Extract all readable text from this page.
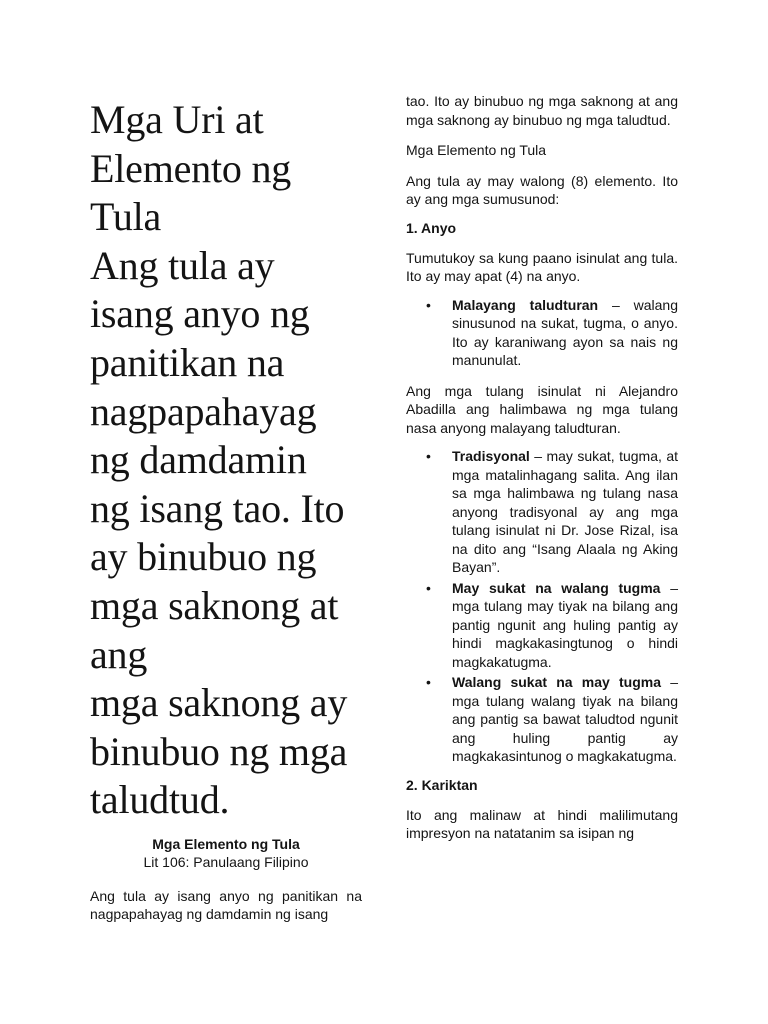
Mga Uri at
Elemento ng
Tula
Ang tula ay
isang anyo ng
panitikan na
nagpapahayag
ng damdamin
ng isang tao. Ito
ay binubuo ng
mga saknong at
ang
mga saknong ay
binubuo ng mga
taludtud.

Mga Elemento ng Tula

Lit 106: Panulaang Filipino

Ang tula ay isang anyo ng panitikan na nagpapahayag ng damdamin ng isang

tao. Ito ay binubuo ng mga saknong at ang mga saknong ay binubuo ng mga taludtud.

Mga Elemento ng Tula

Ang tula ay may walong (8) elemento. Ito ay ang mga sumusunod:

1. Anyo

Tumutukoy sa kung paano isinulat ang tula. Ito ay may apat (4) na anyo.

• Malayang taludturan – walang sinusunod na sukat, tugma, o anyo. Ito ay karaniwang ayon sa nais ng manunulat.

Ang mga tulang isinulat ni Alejandro Abadilla ang halimbawa ng mga tulang nasa anyong malayang taludturan.

• Tradisyonal – may sukat, tugma, at mga matalinhagang salita. Ang ilan sa mga halimbawa ng tulang nasa anyong tradisyonal ay ang mga tulang isinulat ni Dr. Jose Rizal, isa na dito ang “Isang Alaala ng Aking Bayan”.
• May sukat na walang tugma – mga tulang may tiyak na bilang ang pantig ngunit ang huling pantig ay hindi magkakasingtunog o hindi magkakatugma.
• Walang sukat na may tugma – mga tulang walang tiyak na bilang ang pantig sa bawat taludtod ngunit ang huling pantig ay magkakasintunog o magkakatugma.

2. Kariktan

Ito ang malinaw at hindi malilimutang impresyon na natatanim sa isipan ng
